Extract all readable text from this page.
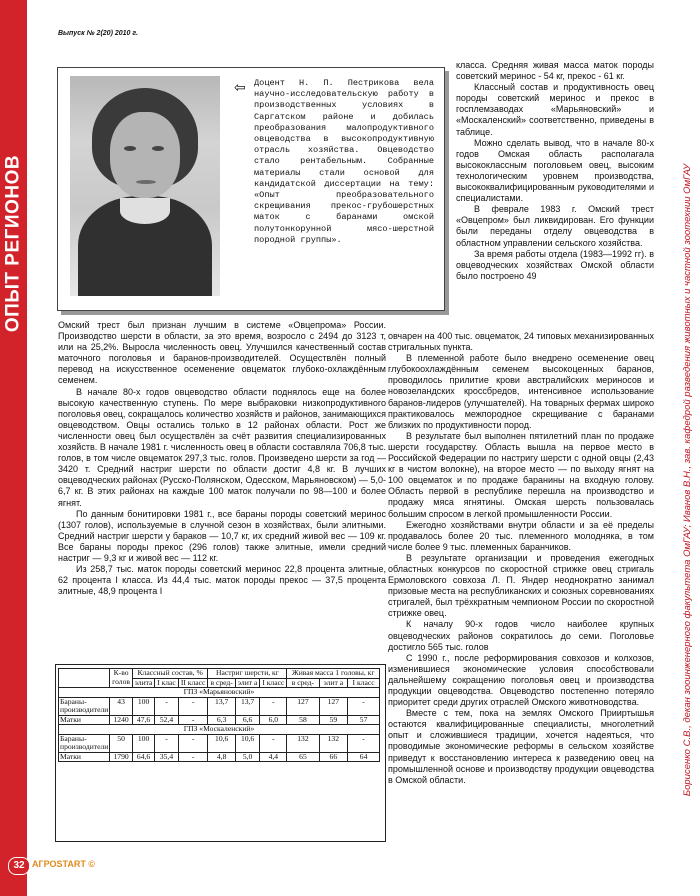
ОПЫТ РЕГИОНОВ
Выпуск № 2(20) 2010 г.
⇦ Доцент Н. П. Пестрикова вела научно-исследовательскую работу в производственных условиях в Саргатском районе и добилась преобразования малопродуктивного овцеводства в высокопродуктивную отрасль хозяйства. Овцеводство стало рентабельным. Собранные материалы стали основой для кандидатской диссертации на тему: «Опыт преобразовательного скрещивания прекос-грубошерстных маток с баранами омской полутонкорунной мясо-шерстной породной группы».

Омский трест был признан лучшим в системе «Овцепрома» России. Производство шерсти в области, за это время, возросло с 2494 до 3123 т, или на 25,2%. Выросла численность овец. Улучшился качественный состав маточного поголовья и баранов-производителей. Осуществлён полный перевод на искусственное осеменение овцематок глубоко-охлаждённым семенем.

В начале 80-х годов овцеводство области поднялось еще на более высокую качественную ступень. По мере выбраковки низкопродуктивного поголовья овец, сокращалось количество хозяйств и районов, занимающихся овцеводством. Овцы остались только в 12 районах области. Рост же численности овец был осуществлён за счёт развития специализированных хозяйств. В начале 1981 г. численность овец в области составляла 706,8 тыс. голов, в том числе овцематок 297,3 тыс. голов. Произведено шерсти за год — 3420 т. Средний настриг шерсти по области достиг 4,8 кг. В лучших овцеводческих районах (Русско-Полянском, Одесском, Марьяновском) — 5,0- 6,7 кг. В этих районах на каждые 100 маток получали по 98—100 и более ягнят.

По данным бонитировки 1981 г., все бараны породы советский меринос (1307 голов), используемые в случной сезон в хозяйствах, были элитными. Средний настриг шерсти у бараков — 10,7 кг, их средний живой вес — 109 кг. Все бараны породы прекос (296 голов) также элитные, имели средний настриг — 9,3 кг и живой вес — 112 кг.

Из 258,7 тыс. маток породы советский меринос 22,8 процента элитные, 62 процента I класса. Из 44,4 тыс. маток породы прекос — 37,5 процента элитные, 48,9 процента I

класса. Средняя живая масса маток породы советский меринос - 54 кг, прекос - 61 кг.

Классный состав и продуктивность овец породы советский меринос и прекос в госплемзаводах «Марьяновский» и «Москаленский» соответственно, приведены в таблице.

Можно сделать вывод, что в начале 80-х годов Омская область располагала высококлассным поголовьем овец, высоким технологическим уровнем производства, высококвалифицированным руководителями и специалистами.

В феврале 1983 г. Омский трест «Овцепром» был ликвидирован. Его функции были переданы отделу овцеводства в областном управлении сельского хозяйства.

За время работы отдела (1983—1992 гг). в овцеводческих хозяйствах Омской области было построено 49

овчарен на 400 тыс. овцематок, 24 типовых механизированных стригальных пункта.

В племенной работе было внедрено осеменение овец глубокоохлаждённым семенем высокоценных баранов, проводилось прилитие крови австралийских мериносов и новозеландских кроссбредов, интенсивное использование баранов-лидеров (улучшателей). На товарных фермах широко практиковалось межпородное скрещивание с баранами близких по продуктивности пород.

В результате был выполнен пятилетний план по продаже шерсти государству. Область вышла на первое место в Российской Федерации по настригу шерсти с одной овцы (2,43 кг в чистом волокне), на второе место — по выходу ягнят на 100 овцематок и по продаже баранины на входную голову. Область первой в республике перешла на производство и продажу мяса ягнятины. Омская шерсть пользовалась большим спросом в легкой промышленности России.

Ежегодно хозяйствами внутри области и за её пределы продавалось более 20 тыс. племенного молодняка, в том числе более 9 тыс. племенных баранчиков.

В результате организации и проведения ежегодных областных конкурсов по скоростной стрижке овец стригаль Ермоловского совхоза Л. П. Яндер неоднократно занимал призовые места на республиканских и союзных соревнованиях стригалей, был трёхкратным чемпионом России по скоростной стрижке овец.

К началу 90-х годов число наиболее крупных овцеводческих районов сократилось до семи. Поголовье достигло 565 тыс. голов

С 1990 г., после реформирования совхозов и колхозов, изменившиеся экономические условия способствовали дальнейшему сокращению поголовья овец и производства продукции овцеводства. Овцеводство постепенно потеряло приоритет среди других отраслей Омского животноводства.

Вместе с тем, пока на землях Омского Прииртышья остаются квалифицированные специалисты, многолетний опыт и сложившиеся традиции, хочется надеяться, что проводимые экономические реформы в сельском хозяйстве приведут к восстановлению интереса к разведению овец на промышленной основе и производству продукции овцеводства в Омской области.

	К-во
голов	Классный состав, %			Настриг шерсти, кг			Живая масса 1 головы, кг		
		элита	I клас	II класс	в сред-	элит а	I класс	в сред-	элит а	I класс
ГПЗ «Марьяновский»										
Бараны-производители	43	100	-	-	13,7	13,7	-	127	127	-
Матки	1240	47,6	52,4	-	6,3	6,6	6,0	58	59	57
ГПЗ «Москаленский»										
Бараны-производители	50	100	-	-	10,6	10,6	-	132	132	-
Матки	1790	64,6	35,4	-	4,8	5,0	4,4	65	66	64	Борисенко С.В., декан зооинженерного факультета ОмГАУ; Иванов В.Н., зав. кафедрой разведения животных и частной зоотехнии ОмГАУ
32 АГРОSTART ©
